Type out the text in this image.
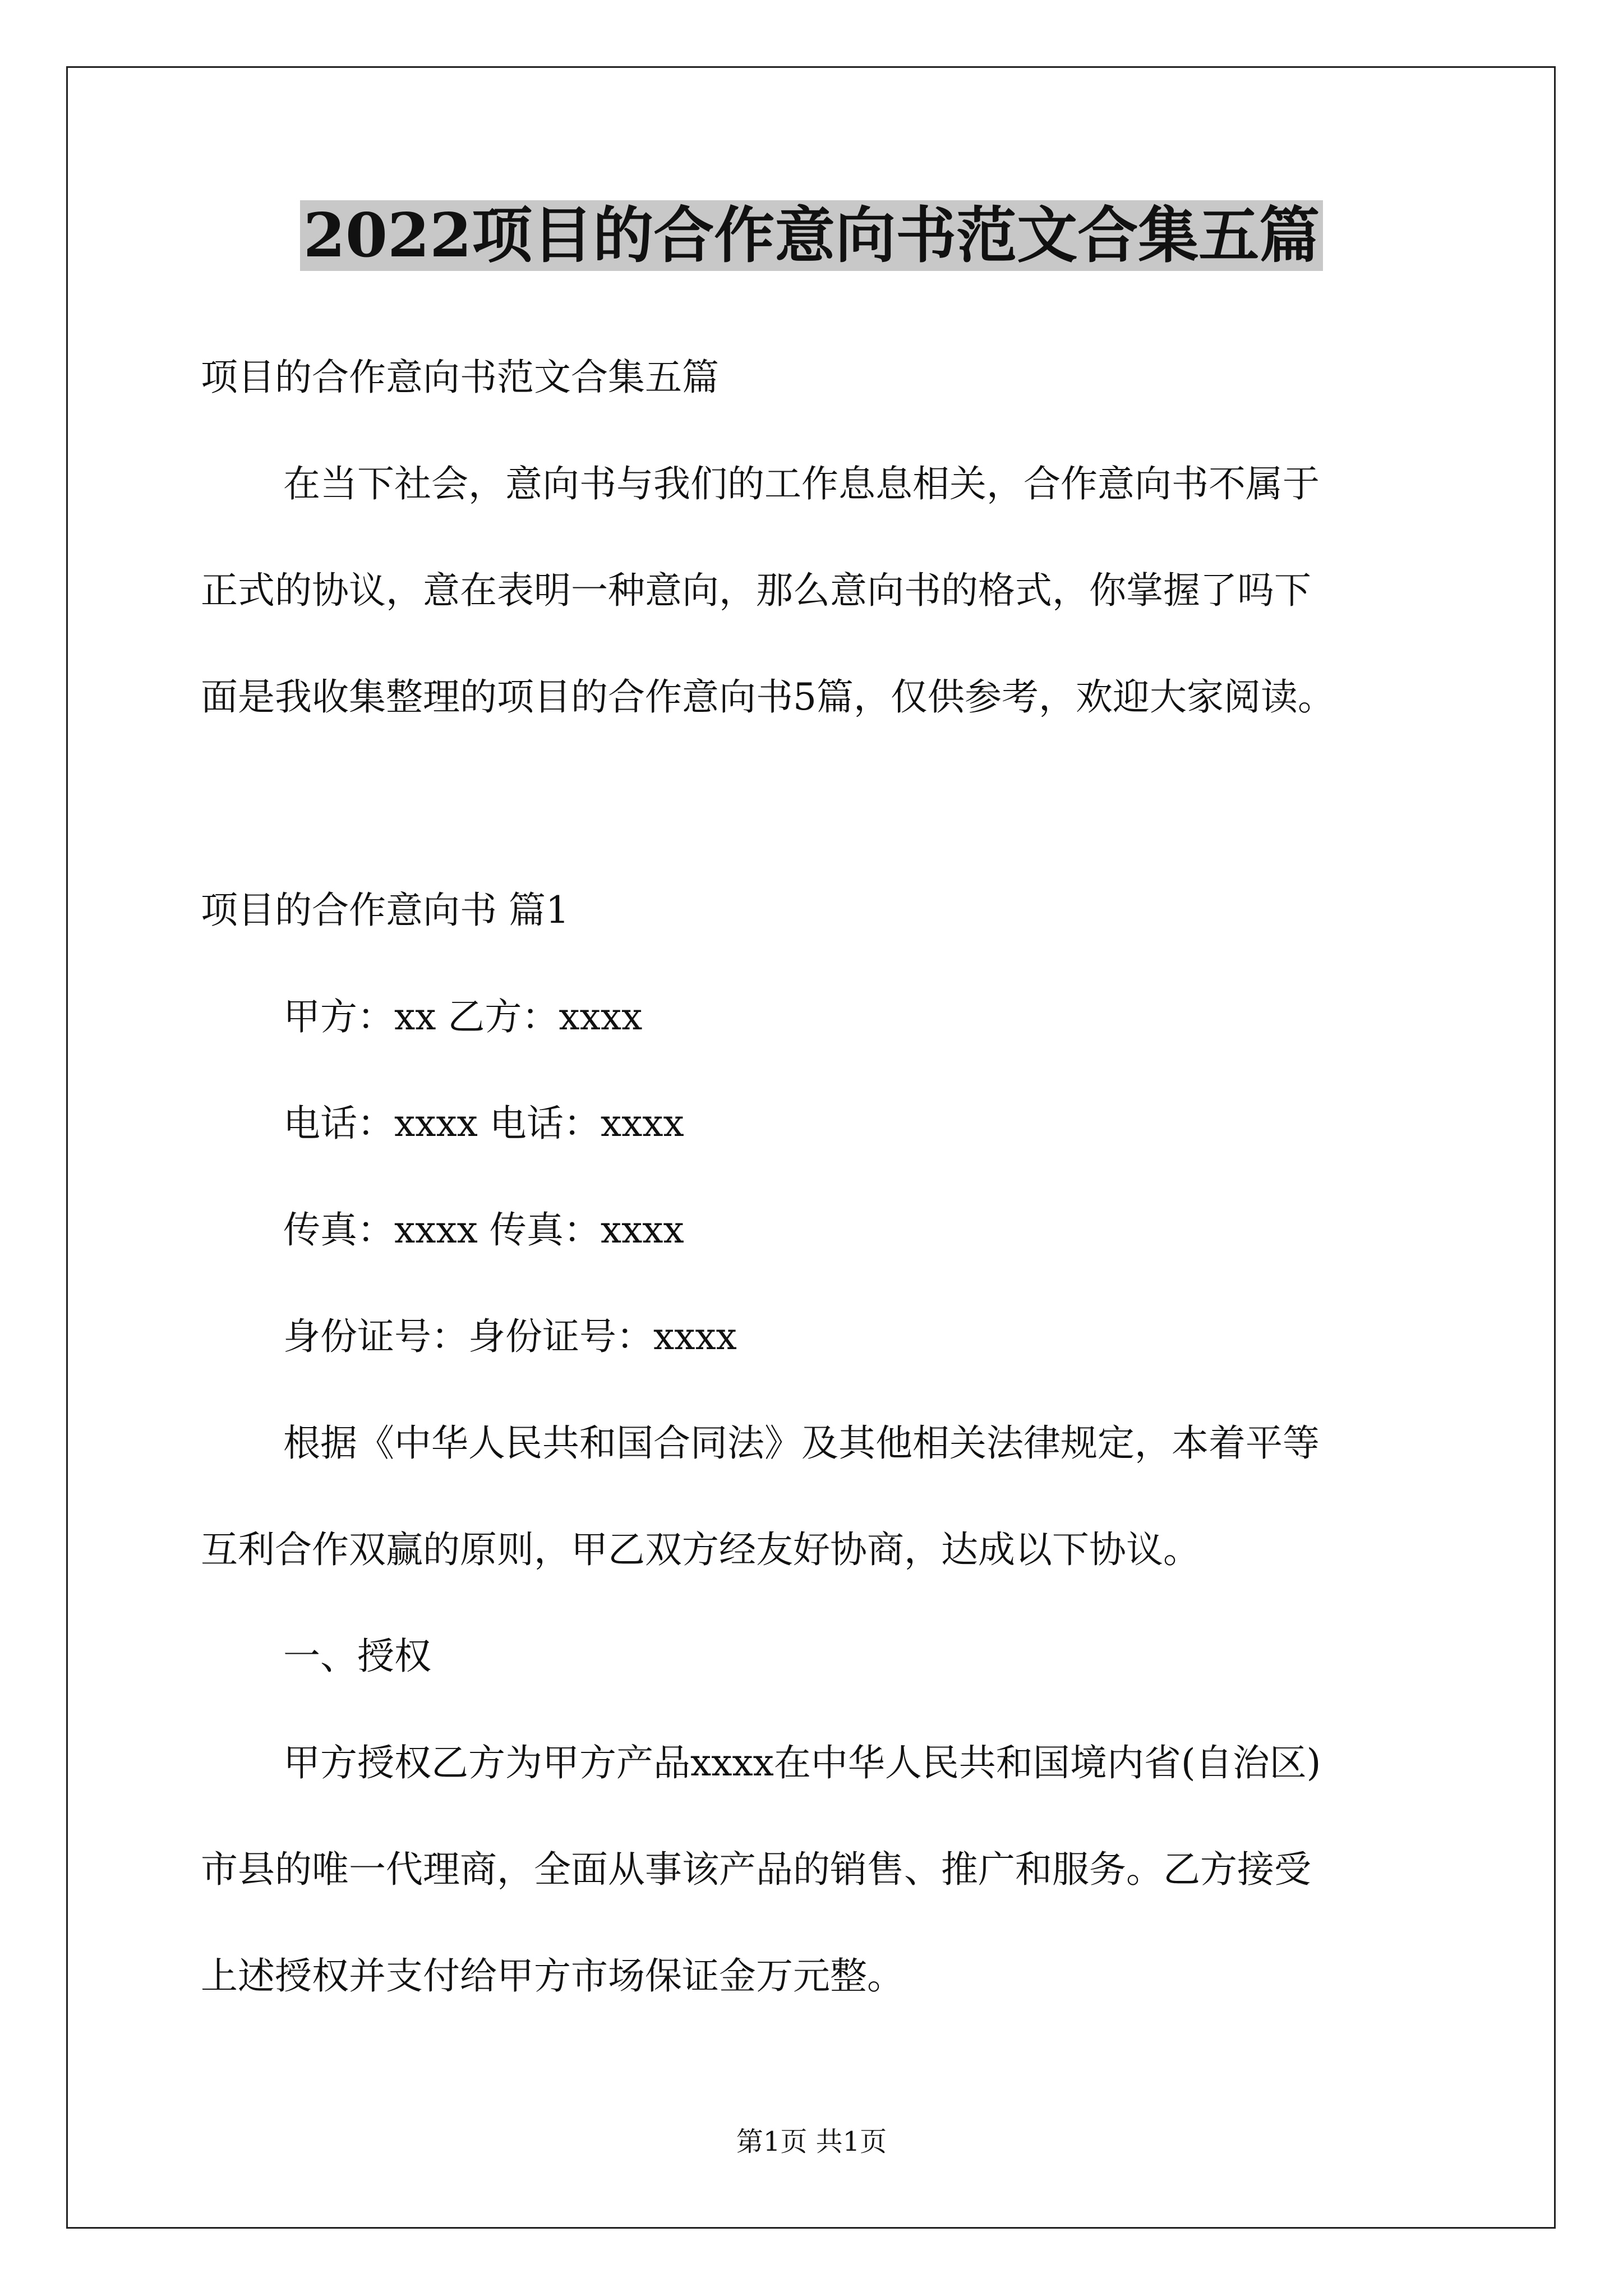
2022项目的合作意向书范文合集五篇
项目的合作意向书范文合集五篇
在当下社会，意向书与我们的工作息息相关，合作意向书不属于
正式的协议，意在表明一种意向，那么意向书的格式，你掌握了吗下
面是我收集整理的项目的合作意向书5篇，仅供参考，欢迎大家阅读。
项目的合作意向书 篇1
甲方：xx 乙方：xxxx
电话：xxxx 电话：xxxx
传真：xxxx 传真：xxxx
身份证号：身份证号：xxxx
根据《中华人民共和国合同法》及其他相关法律规定，本着平等
互利合作双赢的原则，甲乙双方经友好协商，达成以下协议。
一、授权
甲方授权乙方为甲方产品xxxx在中华人民共和国境内省(自治区)
市县的唯一代理商，全面从事该产品的销售、推广和服务。乙方接受
上述授权并支付给甲方市场保证金万元整。
第1页 共1页
